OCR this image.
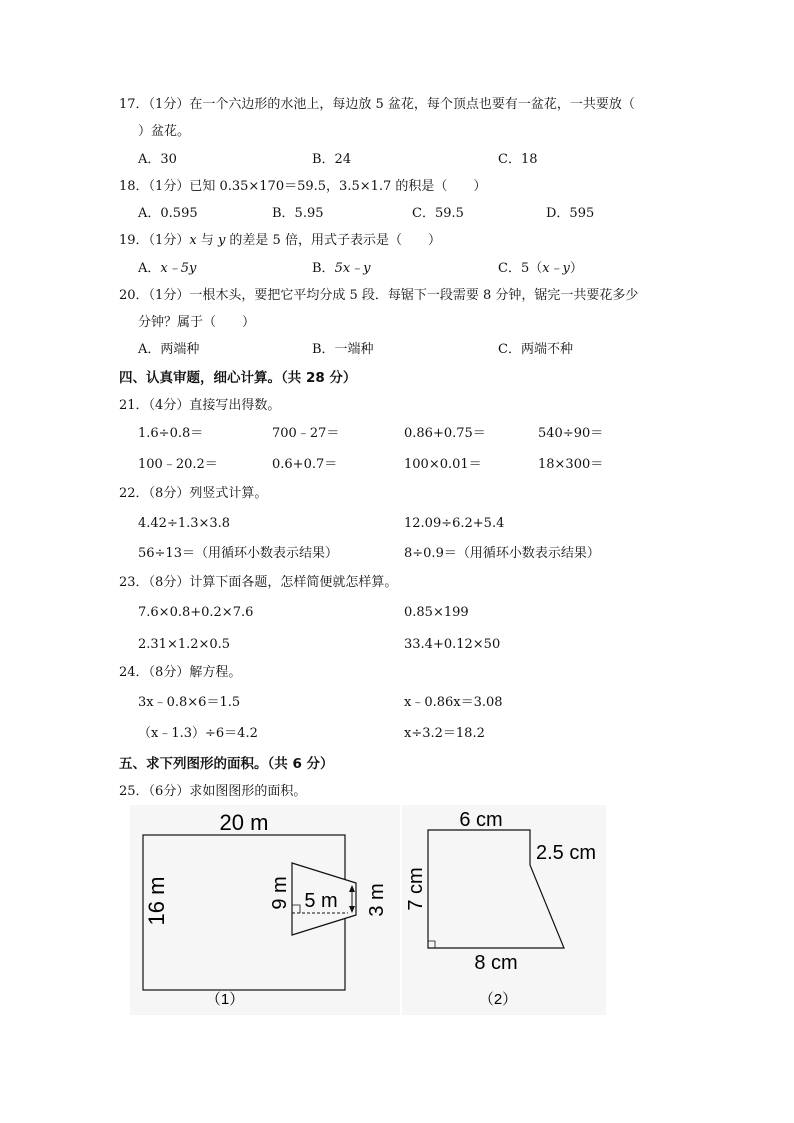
17．（1分）在一个六边形的水池上，每边放 5 盆花，每个顶点也要有一盆花，一共要放（
）盆花。
A．30	B．24	C．18
18．（1分）已知 0.35×170＝59.5，3.5×1.7 的积是（　　）
A．0.595	B．5.95	C．59.5	D．595
19．（1分）x 与 y 的差是 5 倍，用式子表示是（　　）
A．x﹣5y	B．5x﹣y	C．5（x﹣y）
20．（1分）一根木头，要把它平均分成 5 段．每锯下一段需要 8 分钟，锯完一共要花多少
分钟？属于（　　）
A．两端种	B．一端种	C．两端不种
四、认真审题，细心计算。（共 28 分）
21．（4分）直接写出得数。
1.6÷0.8＝	700﹣27＝	0.86+0.75＝	540÷90＝
100﹣20.2＝	0.6+0.7＝	100×0.01＝	18×300＝
22．（8分）列竖式计算。
4.42÷1.3×3.8	12.09÷6.2+5.4
56÷13＝（用循环小数表示结果）	8÷0.9＝（用循环小数表示结果）
23．（8分）计算下面各题，怎样简便就怎样算。
7.6×0.8+0.2×7.6	0.85×199
2.31×1.2×0.5	33.4+0.12×50
24．（8分）解方程。
3x﹣0.8×6＝1.5	x﹣0.86x＝3.08
（x﹣1.3）÷6＝4.2	x÷3.2＝18.2
五、求下列图形的面积。（共 6 分）
25．（6分）求如图图形的面积。
20 m
16 m	9 m 5 m 3 m
（1）
6 cm
2.5 cm
7 cm
8 cm
（2）
